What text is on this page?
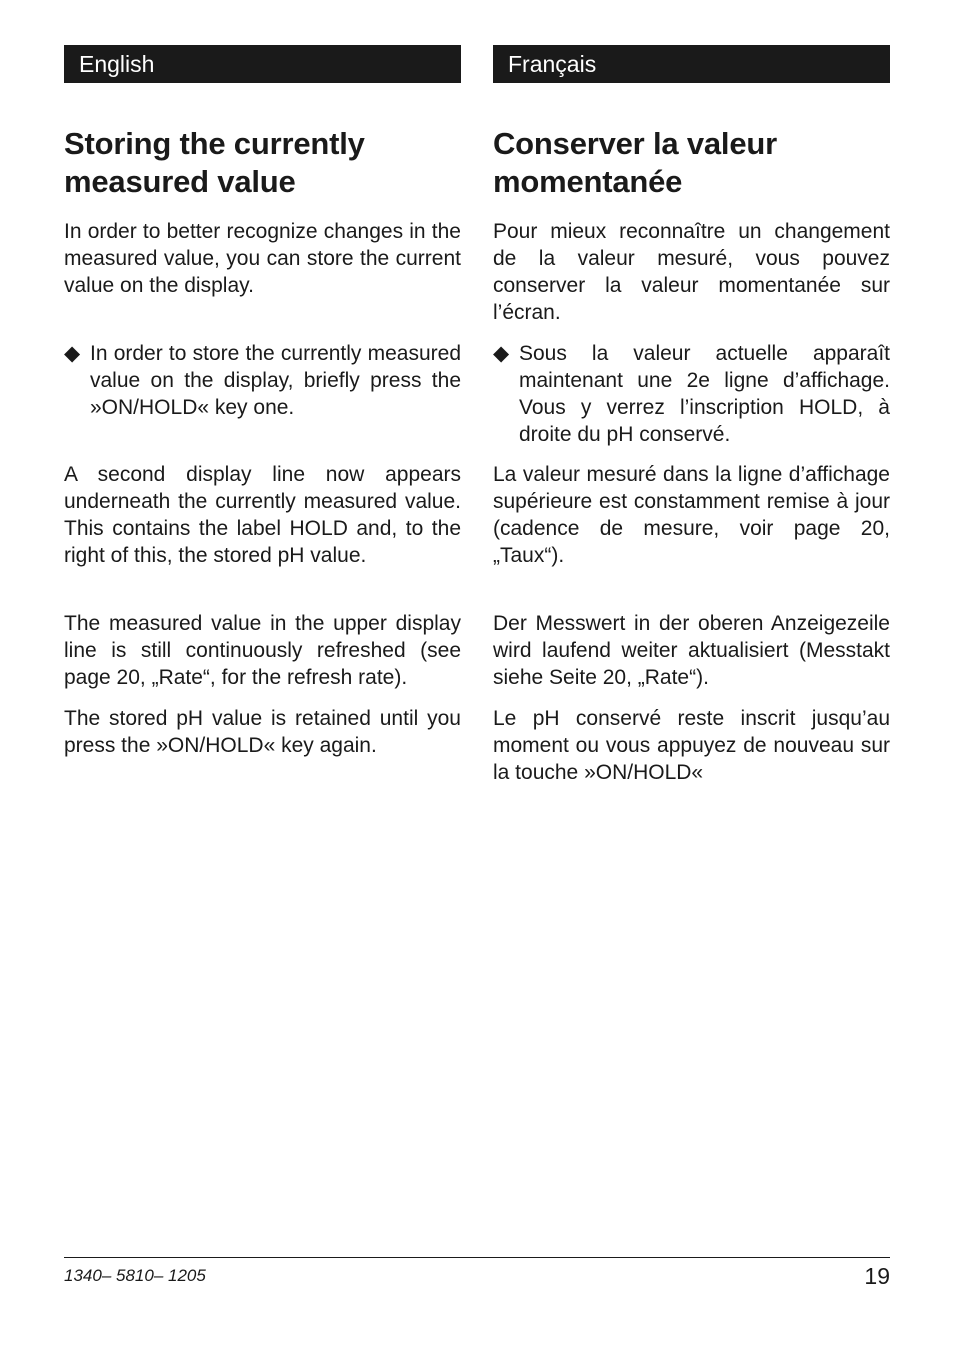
English
Storing the currently measured value

In order to better recognize changes in the measured value, you can store the current value on the display.

◆ In order to store the currently measured value on the display, briefly press the »ON/HOLD« key one.

A second display line now appears underneath the currently measured value. This contains the label HOLD and, to the right of this, the stored pH value.

The measured value in the upper display line is still continuously refreshed (see page 20, „Rate“, for the refresh rate).

The stored pH value is retained until you press the »ON/HOLD« key again.

Français
Conserver la valeur momentanée

Pour mieux reconnaître un changement de la valeur mesuré, vous pouvez conserver la valeur momentanée sur l’écran.

◆ Sous la valeur actuelle apparaît maintenant une 2e ligne d’affichage. Vous y verrez l’inscription HOLD, à droite du pH conservé.

La valeur mesuré dans la ligne d’affichage supérieure est constamment remise à jour (cadence de mesure, voir page 20, „Taux“).

Der Messwert in der oberen Anzeigezeile wird laufend weiter aktualisiert (Messtakt siehe Seite 20, „Rate“).

Le pH conservé reste inscrit jusqu’au moment ou vous appuyez de nouveau sur la touche »ON/HOLD«

1340– 5810– 1205	19
